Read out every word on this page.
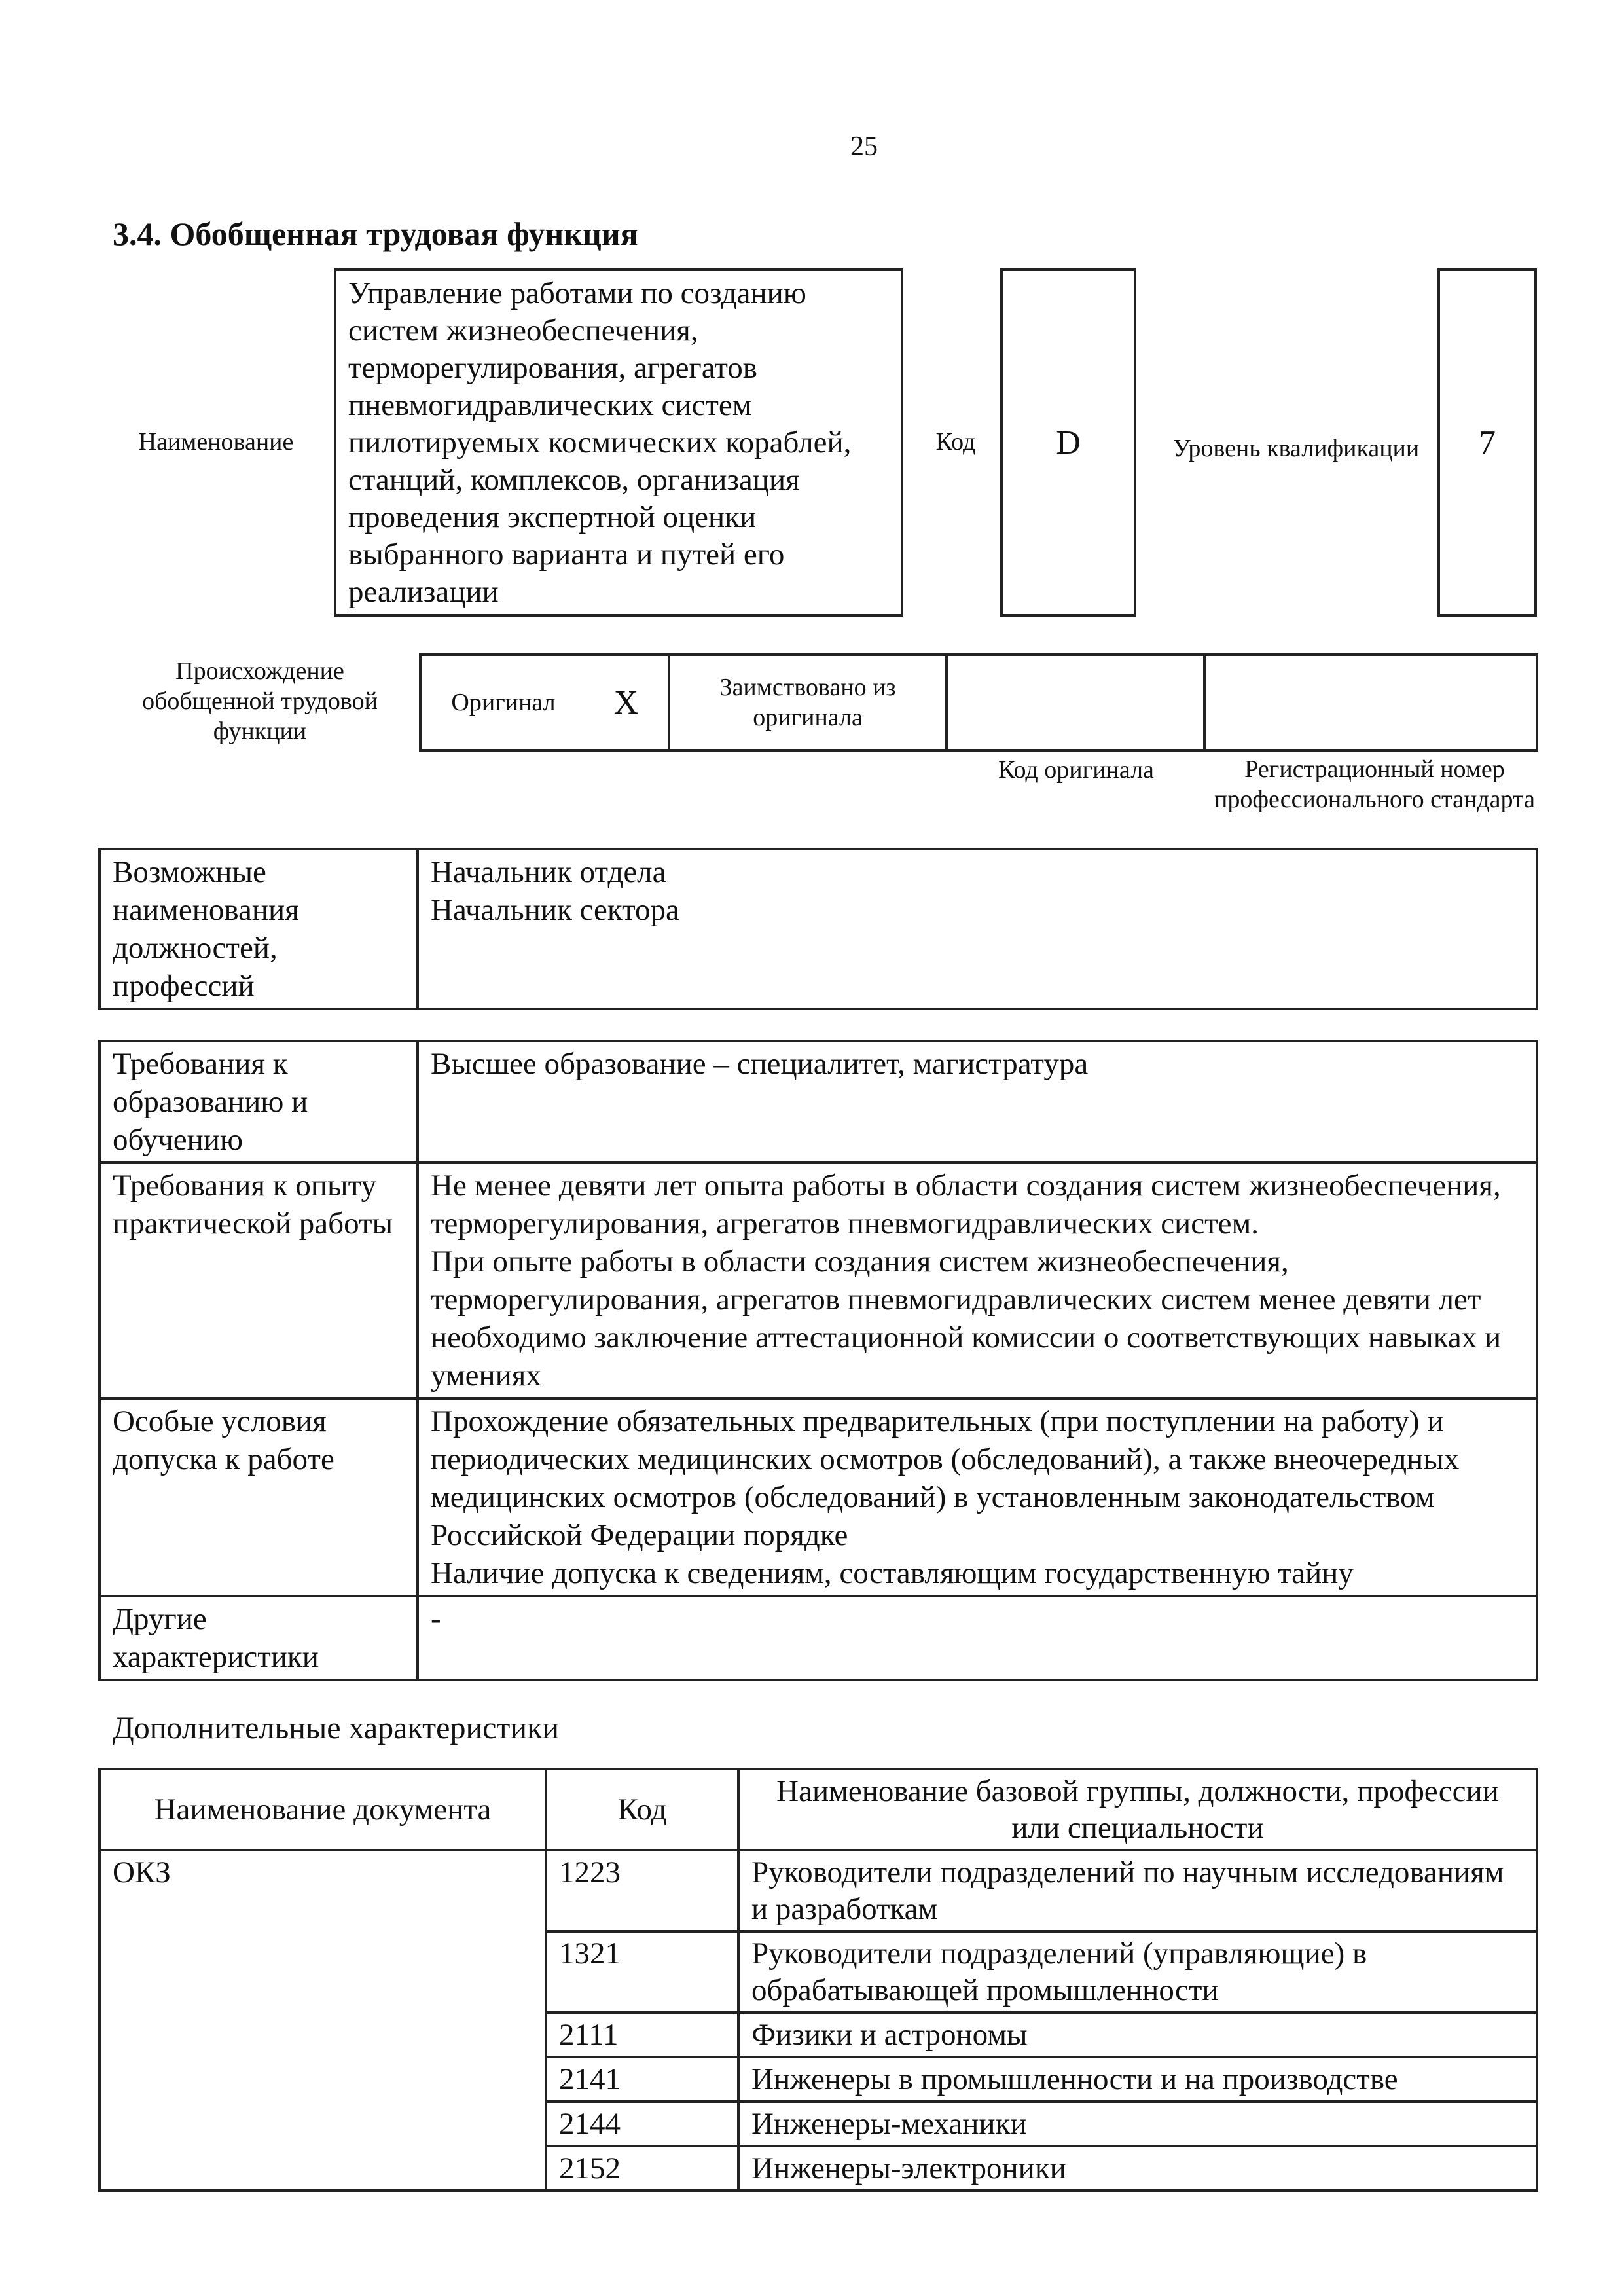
25
3.4. Обобщенная трудовая функция
Наименование
Управление работами по созданию систем жизнеобеспечения, терморегулирования, агрегатов пневмогидравлических систем пилотируемых космических кораблей, станций, комплексов, организация проведения экспертной оценки выбранного варианта и путей его реализации
Код	D	Уровень квалификации	7
Происхождение обобщенной трудовой функции
Оригинал	X	Заимствовано из оригинала
Код оригинала	Регистрационный номер профессионального стандарта
Возможные наименования должностей, профессий	Начальник отдела
Начальник сектора
Требования к образованию и обучению	Высшее образование – специалитет, магистратура
Требования к опыту практической работы	Не менее девяти лет опыта работы в области создания систем жизнеобеспечения, терморегулирования, агрегатов пневмогидравлических систем.
При опыте работы в области создания систем жизнеобеспечения, терморегулирования, агрегатов пневмогидравлических систем менее девяти лет необходимо заключение аттестационной комиссии о соответствующих навыках и умениях
Особые условия допуска к работе	Прохождение обязательных предварительных (при поступлении на работу) и периодических медицинских осмотров (обследований), а также внеочередных медицинских осмотров (обследований) в установленным законодательством Российской Федерации порядке
Наличие допуска к сведениям, составляющим государственную тайну
Другие характеристики	-
Дополнительные характеристики
Наименование документа	Код	Наименование базовой группы, должности, профессии или специальности
ОКЗ	1223	Руководители подразделений по научным исследованиям и разработкам
	1321	Руководители подразделений (управляющие) в обрабатывающей промышленности
	2111	Физики и астрономы
	2141	Инженеры в промышленности и на производстве
	2144	Инженеры-механики
	2152	Инженеры-электроники
